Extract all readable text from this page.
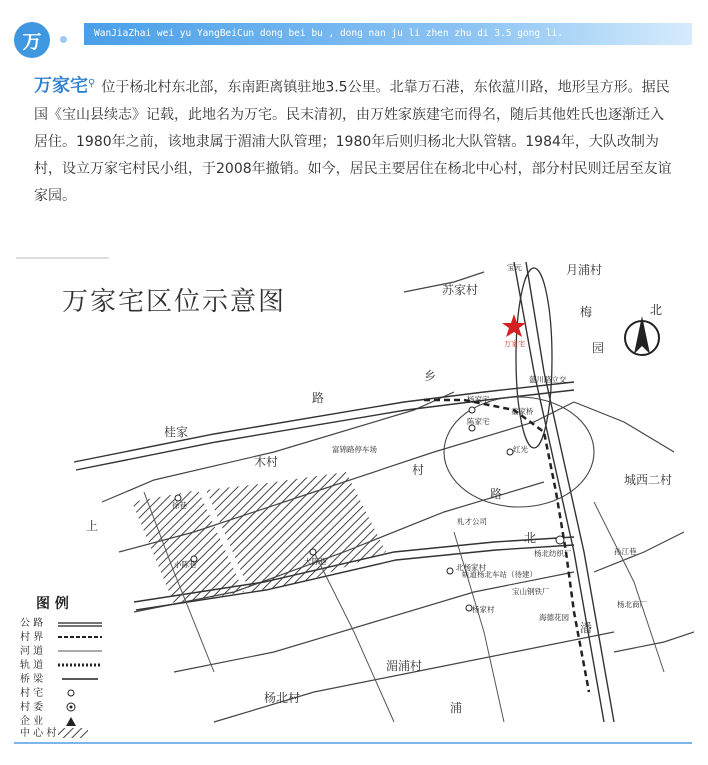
万	WanJiaZhai wei yu YangBeiCun dong bei bu , dong nan ju li zhen zhu di 3.5 gong li.
万家宅⚲ 位于杨北村东北部，东南距离镇驻地3.5公里。北靠万石港，东依蕰川路，地形呈方形。据民国《宝山县续志》记载，此地名为万宅。民末清初，由万姓家族建宅而得名，随后其他姓氏也逐渐迁入居住。1980年之前，该地隶属于湄浦大队管理；1980年后则归杨北大队管辖。1984年，大队改制为村，设立万家宅村民小组，于2008年撤销。如今，居民主要居住在杨北中心村，部分村民则迁居至友谊家园。
万家宅区位示意图	北
万家宅
宝元
杨家宅
童家桥
陈家宅
红光
蕰川路立交
富锦路停车场
徐巷
小陈巷	大陈巷
札才公司
北杨家村
杨北纺织厂
轨道杨北车站（待建）
宝山钢铁厂
杨家村
海德花园
孙江巷
杨北商厂
苏家村
月浦村
梅
园
乡
桂家
木村
村
城西二村
湄浦村
杨北村
浦
上
潘
北
路
路
图 例
公 路
村 界
河 道
轨 道
桥 梁
村 宅
村 委
企 业
中 心 村
